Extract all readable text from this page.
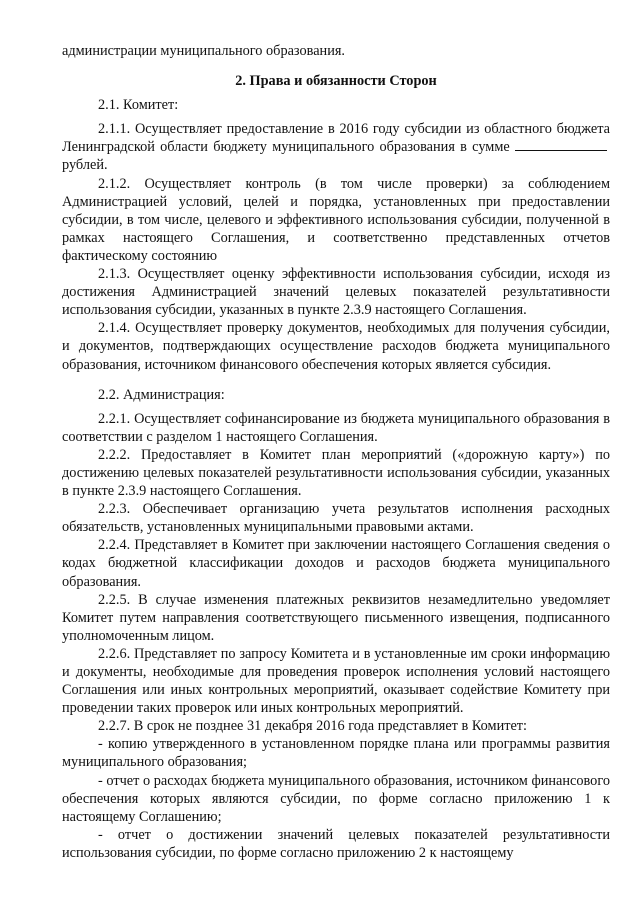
администрации муниципального образования.

2. Права и обязанности Сторон

2.1. Комитет:

2.1.1. Осуществляет предоставление в 2016 году субсидии из областного бюджета Ленинградской области бюджету муниципального образования в сумме рублей.

2.1.2. Осуществляет контроль (в том числе проверки) за соблюдением Администрацией условий, целей и порядка, установленных при предоставлении субсидии, в том числе, целевого и эффективного использования субсидии, полученной в рамках настоящего Соглашения, и соответственно представленных отчетов фактическому состоянию

2.1.3. Осуществляет оценку эффективности использования субсидии, исходя из достижения Администрацией значений целевых показателей результативности использования субсидии, указанных в пункте 2.3.9 настоящего Соглашения.

2.1.4. Осуществляет проверку документов, необходимых для получения субсидии, и документов, подтверждающих осуществление расходов бюджета муниципального образования, источником финансового обеспечения которых является субсидия.

2.2. Администрация:

2.2.1. Осуществляет софинансирование из бюджета муниципального образования в соответствии с разделом 1 настоящего Соглашения.

2.2.2. Предоставляет в Комитет план мероприятий («дорожную карту») по достижению целевых показателей результативности использования субсидии, указанных в пункте 2.3.9 настоящего Соглашения.

2.2.3. Обеспечивает организацию учета результатов исполнения расходных обязательств, установленных муниципальными правовыми актами.

2.2.4. Представляет в Комитет при заключении настоящего Соглашения сведения о кодах бюджетной классификации доходов и расходов бюджета муниципального образования.

2.2.5. В случае изменения платежных реквизитов незамедлительно уведомляет Комитет путем направления соответствующего письменного извещения, подписанного уполномоченным лицом.

2.2.6. Представляет по запросу Комитета и в установленные им сроки информацию и документы, необходимые для проведения проверок исполнения условий настоящего Соглашения или иных контрольных мероприятий, оказывает содействие Комитету при проведении таких проверок или иных контрольных мероприятий.

2.2.7. В срок не позднее 31 декабря 2016 года представляет в Комитет:

- копию утвержденного в установленном порядке плана или программы развития муниципального образования;

- отчет о расходах бюджета муниципального образования, источником финансового обеспечения которых являются субсидии, по форме согласно приложению 1 к настоящему Соглашению;

- отчет о достижении значений целевых показателей результативности использования субсидии, по форме согласно приложению 2 к настоящему
